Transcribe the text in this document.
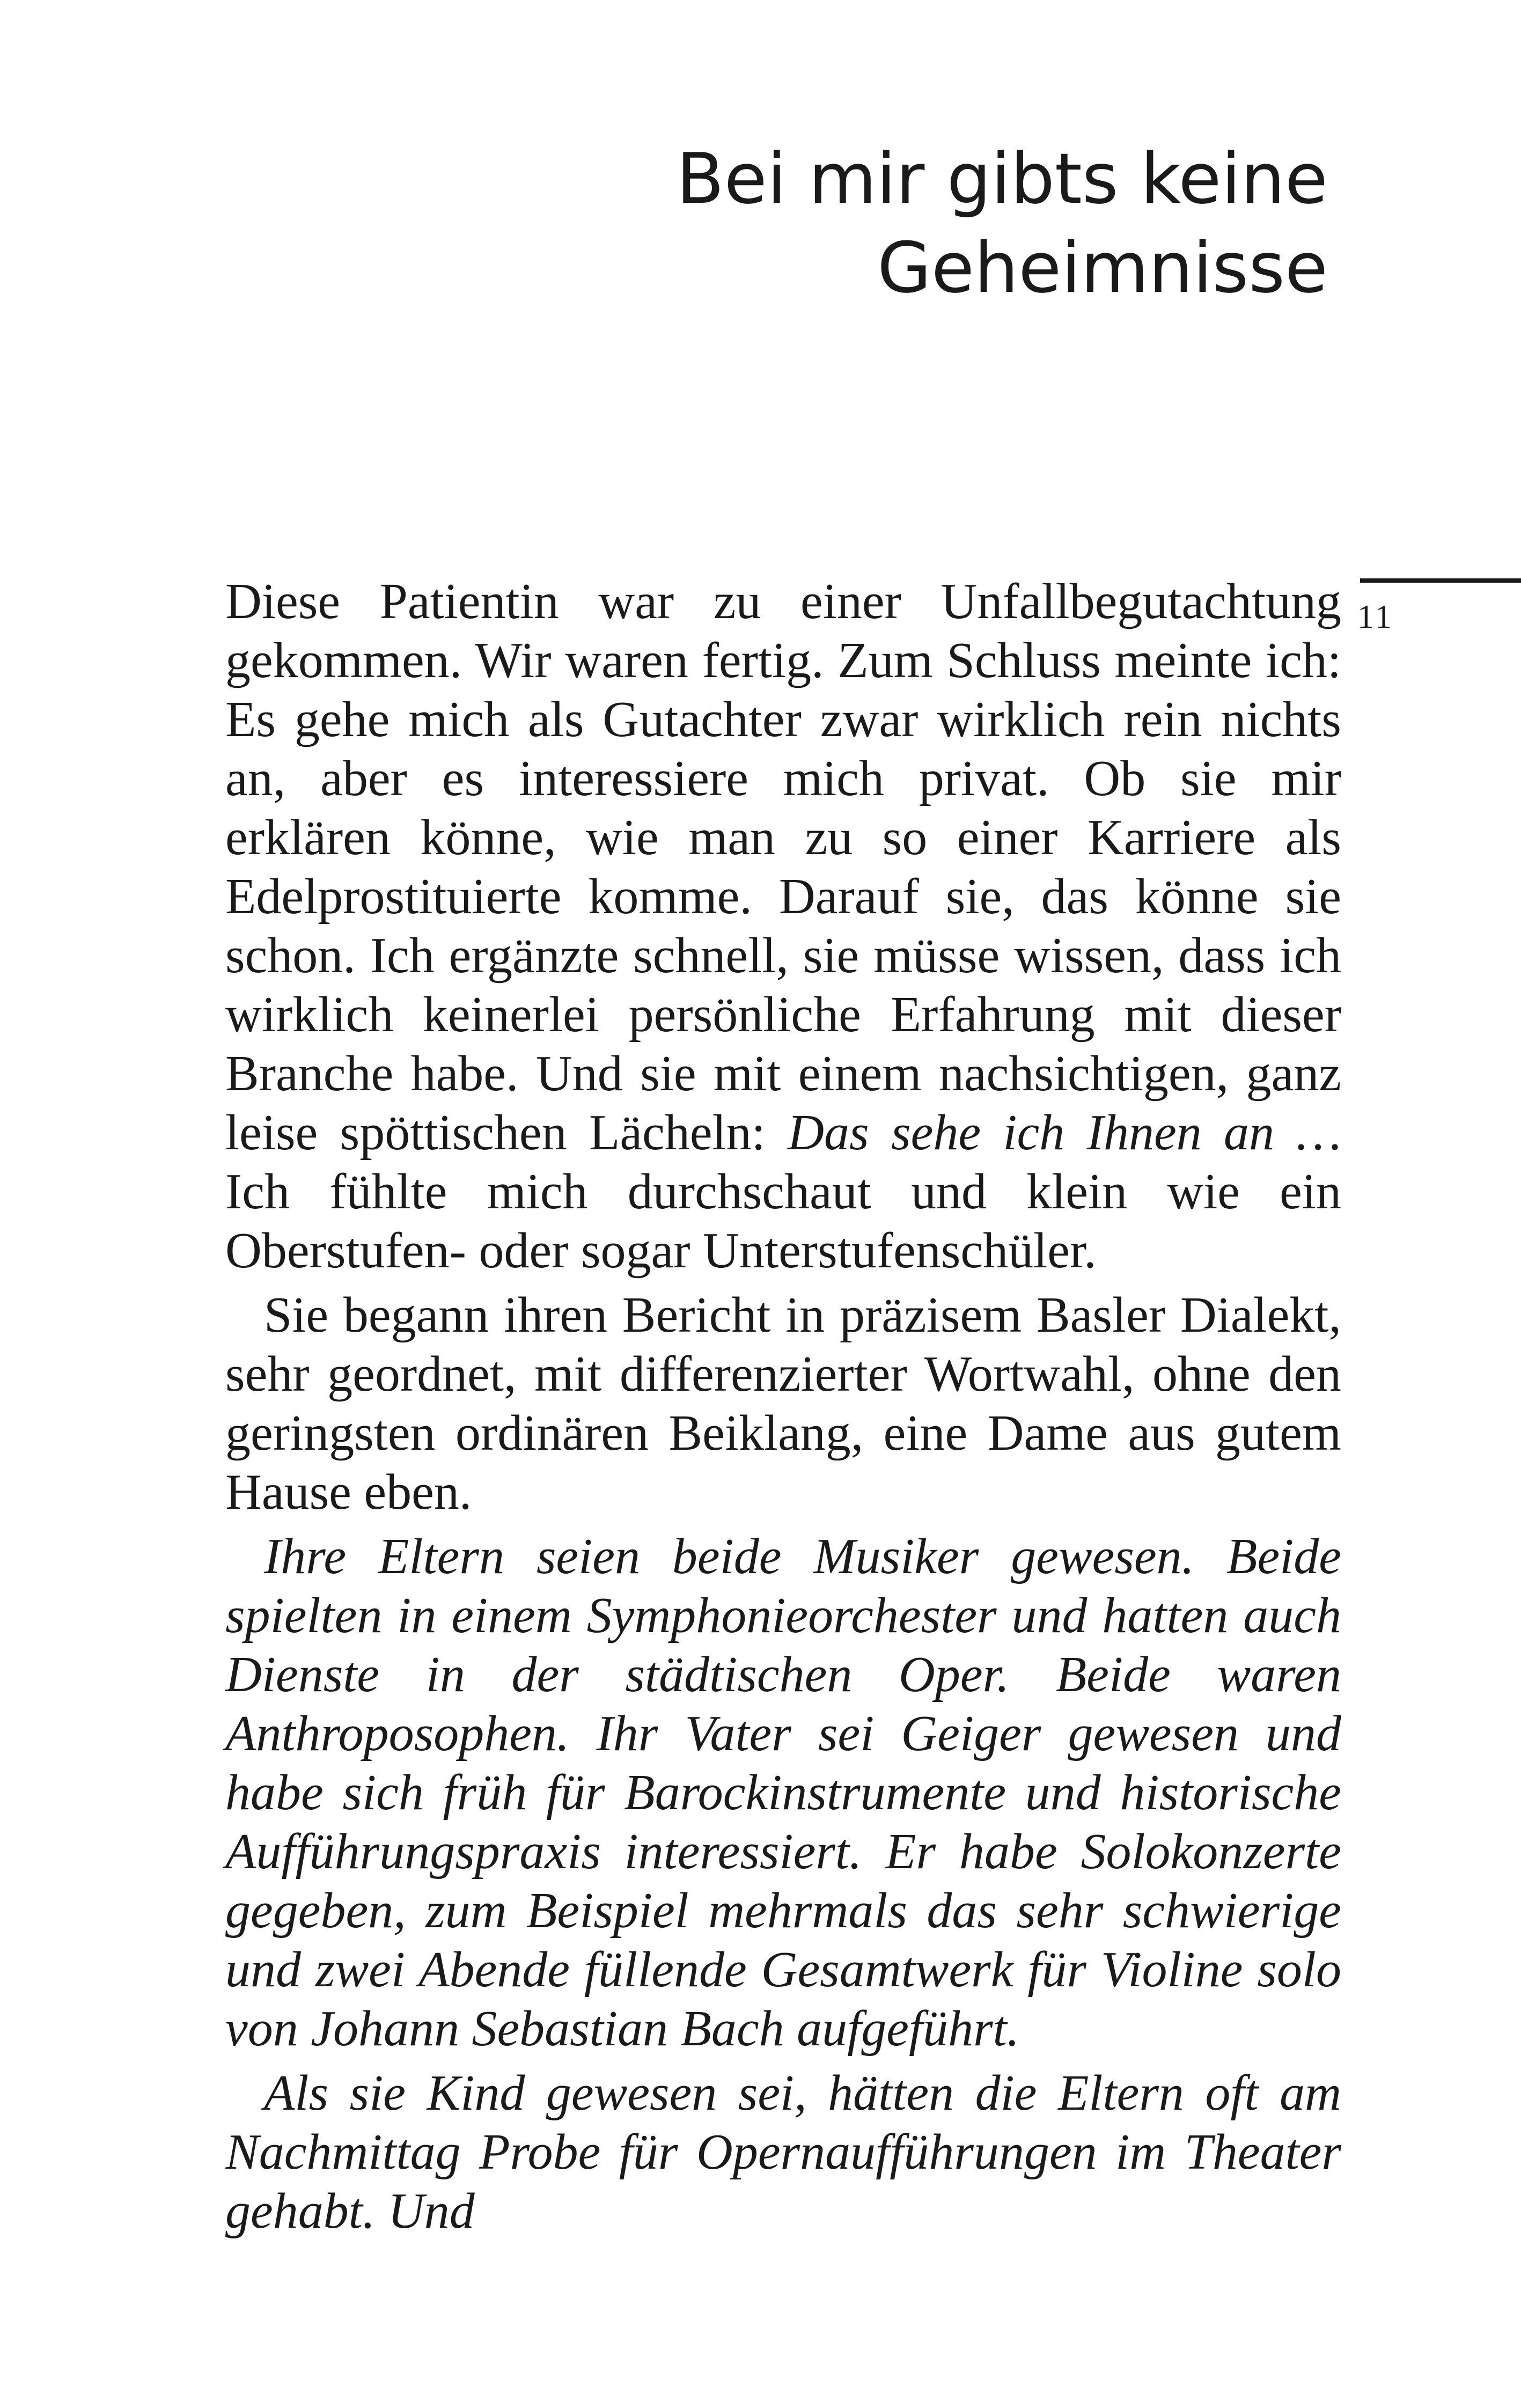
Bei mir gibts keine
Geheimnisse
11

Diese Patientin war zu einer Unfallbegutachtung gekommen. Wir waren fertig. Zum Schluss meinte ich: Es gehe mich als Gutachter zwar wirklich rein nichts an, aber es interessiere mich privat. Ob sie mir erklären könne, wie man zu so einer Karriere als Edelprostituierte komme. Darauf sie, das könne sie schon. Ich ergänzte schnell, sie müsse wissen, dass ich wirklich keinerlei persönliche Erfahrung mit dieser Branche habe. Und sie mit einem nachsichtigen, ganz leise spöttischen Lächeln: Das sehe ich Ihnen an … Ich fühlte mich durchschaut und klein wie ein Oberstufen- oder sogar Unterstufenschüler.

Sie begann ihren Bericht in präzisem Basler Dialekt, sehr geordnet, mit differenzierter Wortwahl, ohne den geringsten ordinären Beiklang, eine Dame aus gutem Hause eben.

Ihre Eltern seien beide Musiker gewesen. Beide spielten in einem Symphonieorchester und hatten auch Dienste in der städtischen Oper. Beide waren Anthroposophen. Ihr Vater sei Geiger gewesen und habe sich früh für Barockinstrumente und historische Aufführungspraxis interessiert. Er habe Solokonzerte gegeben, zum Beispiel mehrmals das sehr schwierige und zwei Abende füllende Gesamtwerk für Violine solo von Johann Sebastian Bach aufgeführt.

Als sie Kind gewesen sei, hätten die Eltern oft am Nachmittag Probe für Opernaufführungen im Theater gehabt. Und
